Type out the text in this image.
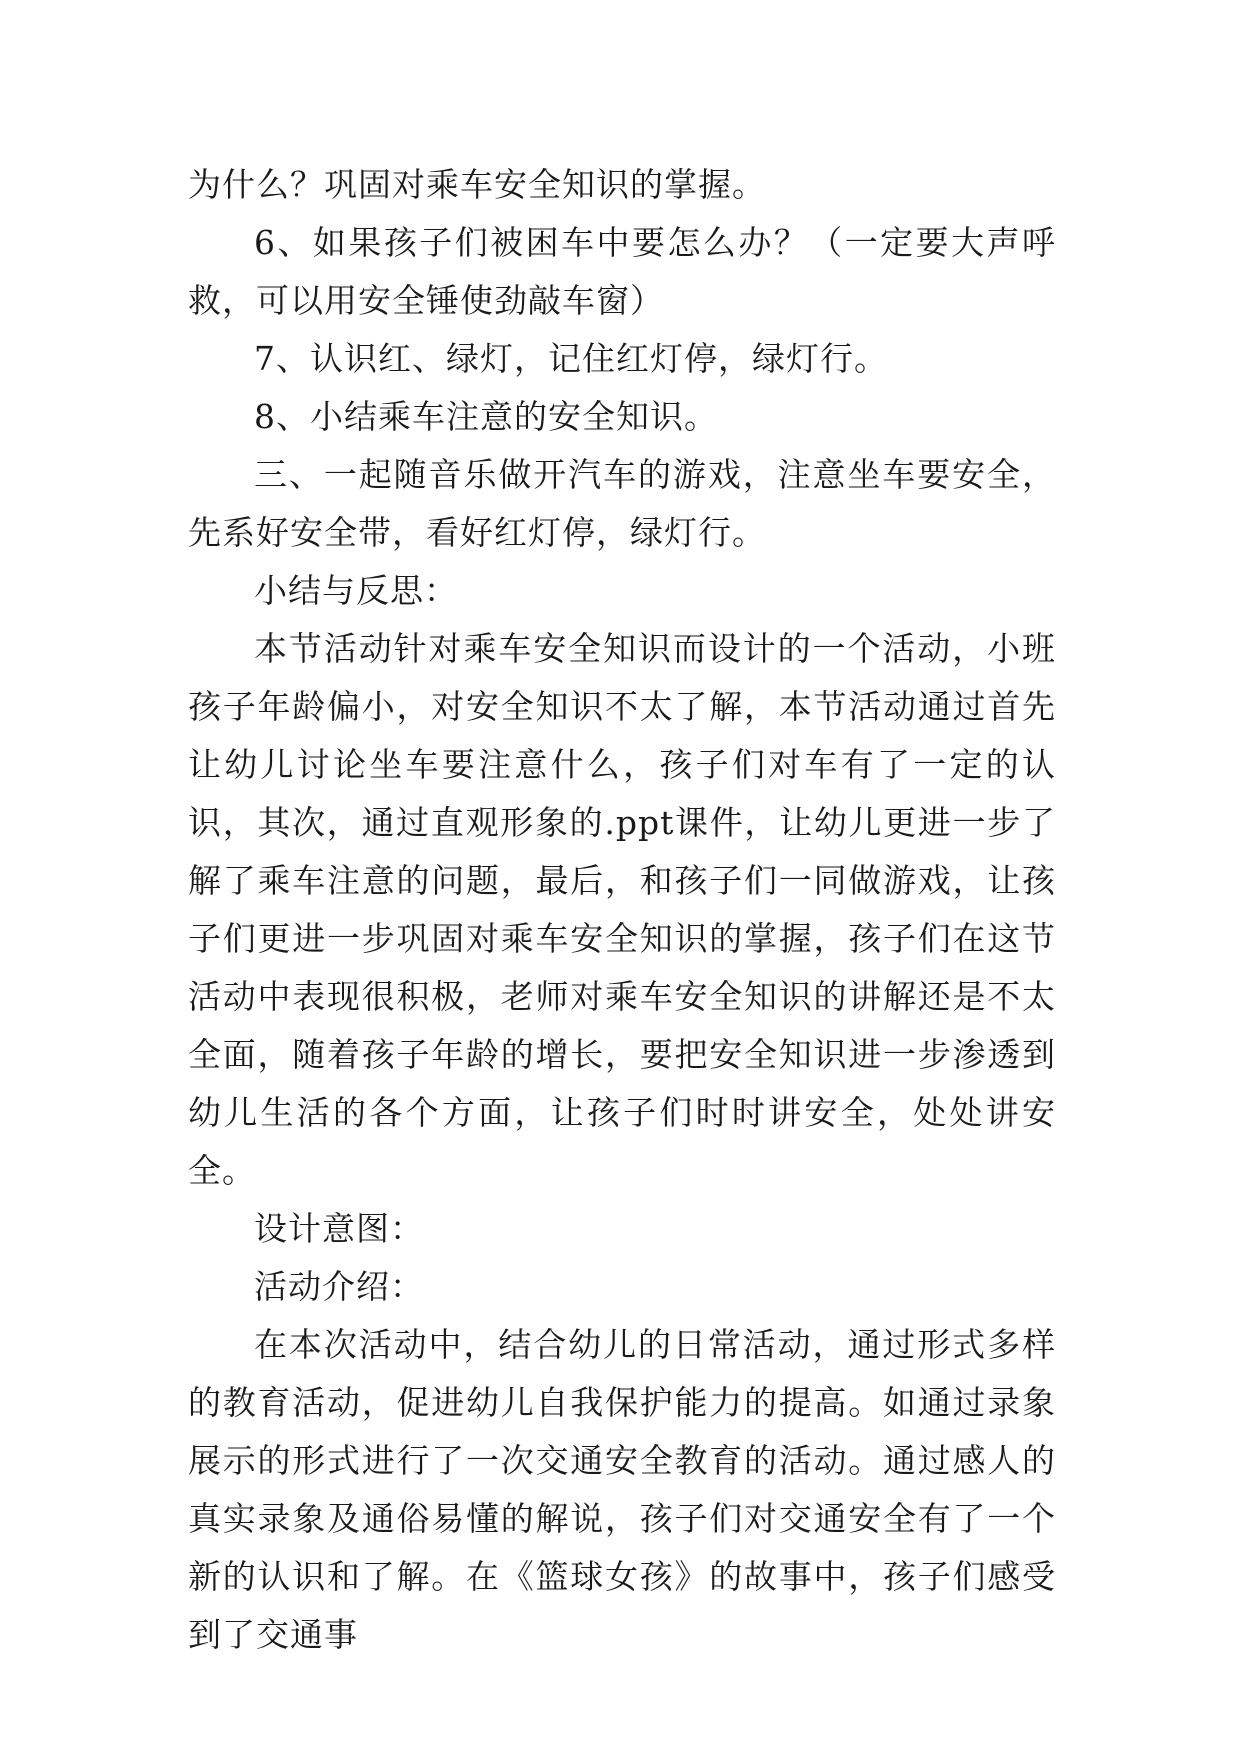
为什么？巩固对乘车安全知识的掌握。

6、如果孩子们被困车中要怎么办？（一定要大声呼救，可以用安全锤使劲敲车窗）

7、认识红、绿灯，记住红灯停，绿灯行。

8、小结乘车注意的安全知识。

三、一起随音乐做开汽车的游戏，注意坐车要安全，先系好安全带，看好红灯停，绿灯行。

小结与反思：

本节活动针对乘车安全知识而设计的一个活动，小班孩子年龄偏小，对安全知识不太了解，本节活动通过首先让幼儿讨论坐车要注意什么，孩子们对车有了一定的认识，其次，通过直观形象的.ppt课件，让幼儿更进一步了解了乘车注意的问题，最后，和孩子们一同做游戏，让孩子们更进一步巩固对乘车安全知识的掌握，孩子们在这节活动中表现很积极，老师对乘车安全知识的讲解还是不太全面，随着孩子年龄的增长，要把安全知识进一步渗透到幼儿生活的各个方面，让孩子们时时讲安全，处处讲安全。

设计意图：

活动介绍：

在本次活动中，结合幼儿的日常活动，通过形式多样的教育活动，促进幼儿自我保护能力的提高。如通过录象展示的形式进行了一次交通安全教育的活动。通过感人的真实录象及通俗易懂的解说，孩子们对交通安全有了一个新的认识和了解。在《篮球女孩》的故事中，孩子们感受到了交通事
